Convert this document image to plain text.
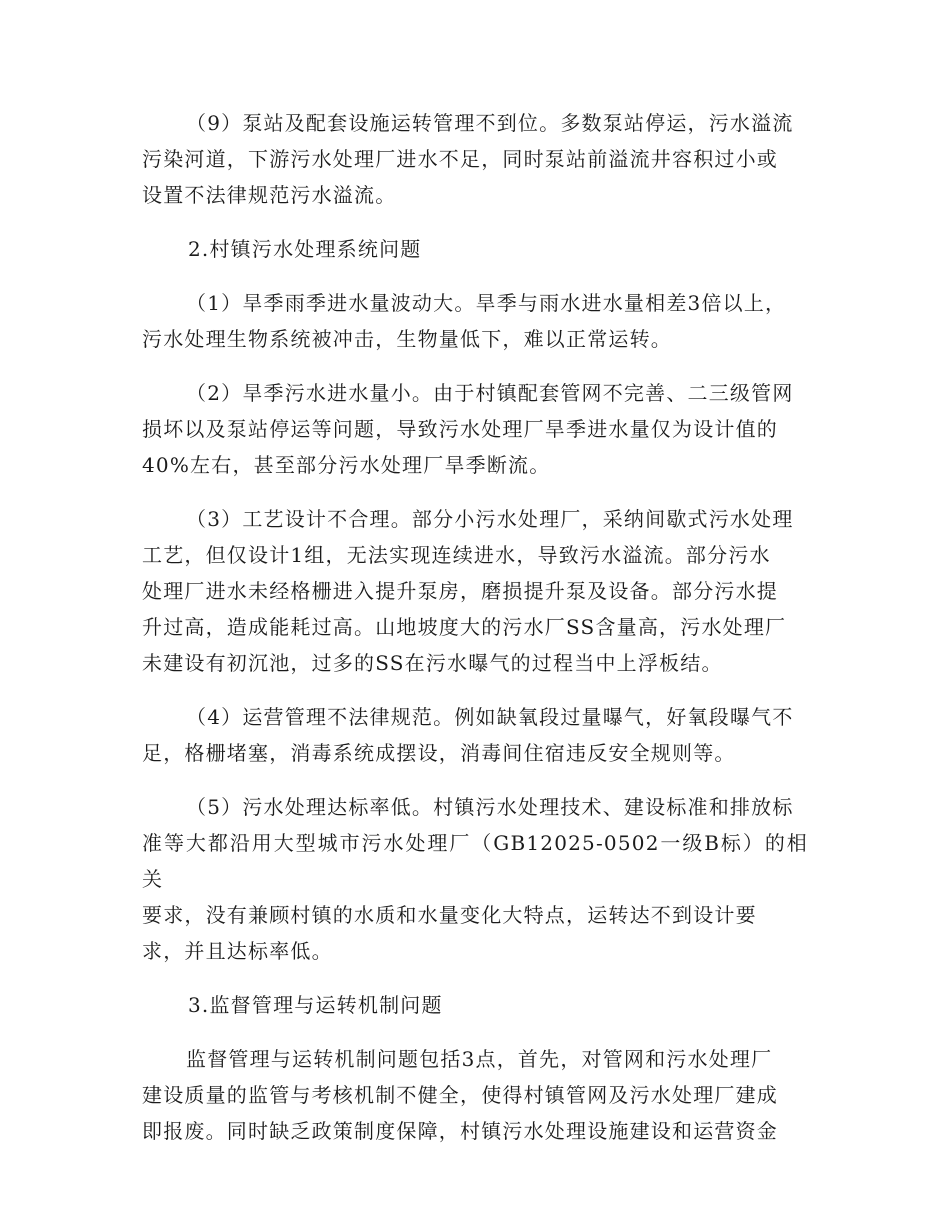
（9）泵站及配套设施运转管理不到位。多数泵站停运，污水溢流
污染河道，下游污水处理厂进水不足，同时泵站前溢流井容积过小或
设置不法律规范污水溢流。

2.村镇污水处理系统问题

（1）旱季雨季进水量波动大。旱季与雨水进水量相差3倍以上，
污水处理生物系统被冲击，生物量低下，难以正常运转。

（2）旱季污水进水量小。由于村镇配套管网不完善、二三级管网
损坏以及泵站停运等问题，导致污水处理厂旱季进水量仅为设计值的
40%左右，甚至部分污水处理厂旱季断流。

（3）工艺设计不合理。部分小污水处理厂，采纳间歇式污水处理
工艺，但仅设计1组，无法实现连续进水，导致污水溢流。部分污水
处理厂进水未经格栅进入提升泵房，磨损提升泵及设备。部分污水提
升过高，造成能耗过高。山地坡度大的污水厂SS含量高，污水处理厂
未建设有初沉池，过多的SS在污水曝气的过程当中上浮板结。

（4）运营管理不法律规范。例如缺氧段过量曝气，好氧段曝气不
足，格栅堵塞，消毒系统成摆设，消毒间住宿违反安全规则等。

（5）污水处理达标率低。村镇污水处理技术、建设标准和排放标
准等大都沿用大型城市污水处理厂（GB12025-0502一级B标）的相关
要求，没有兼顾村镇的水质和水量变化大特点，运转达不到设计要
求，并且达标率低。

3.监督管理与运转机制问题

监督管理与运转机制问题包括3点，首先，对管网和污水处理厂
建设质量的监管与考核机制不健全，使得村镇管网及污水处理厂建成
即报废。同时缺乏政策制度保障，村镇污水处理设施建设和运营资金
